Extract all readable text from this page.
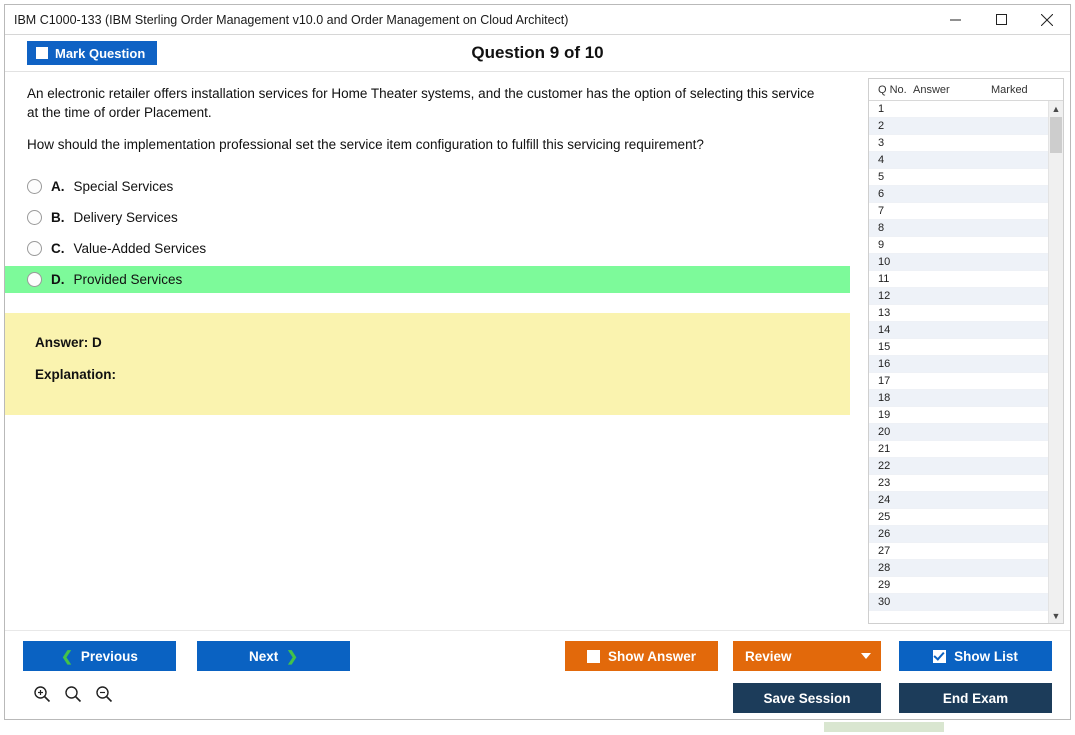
IBM C1000-133 (IBM Sterling Order Management v10.0 and Order Management on Cloud Architect)
Mark Question	Question 9 of 10

An electronic retailer offers installation services for Home Theater systems, and the customer has the option of selecting this service at the time of order Placement.

How should the implementation professional set the service item configuration to fulfill this servicing requirement?

A. Special Services
B. Delivery Services
C. Value-Added Services
D. Provided Services
Answer: D
Explanation:
Q No. Answer	Marked
1
2
3
4
5
6
7
8
9
10
11
12
13
14
15
16
17
18
19
20
21
22
23
24
25
26
27
28
29
30
▲
▼
❮ Previous	Next ❯	Show Answer	Review	Show List
Save Session	End Exam
